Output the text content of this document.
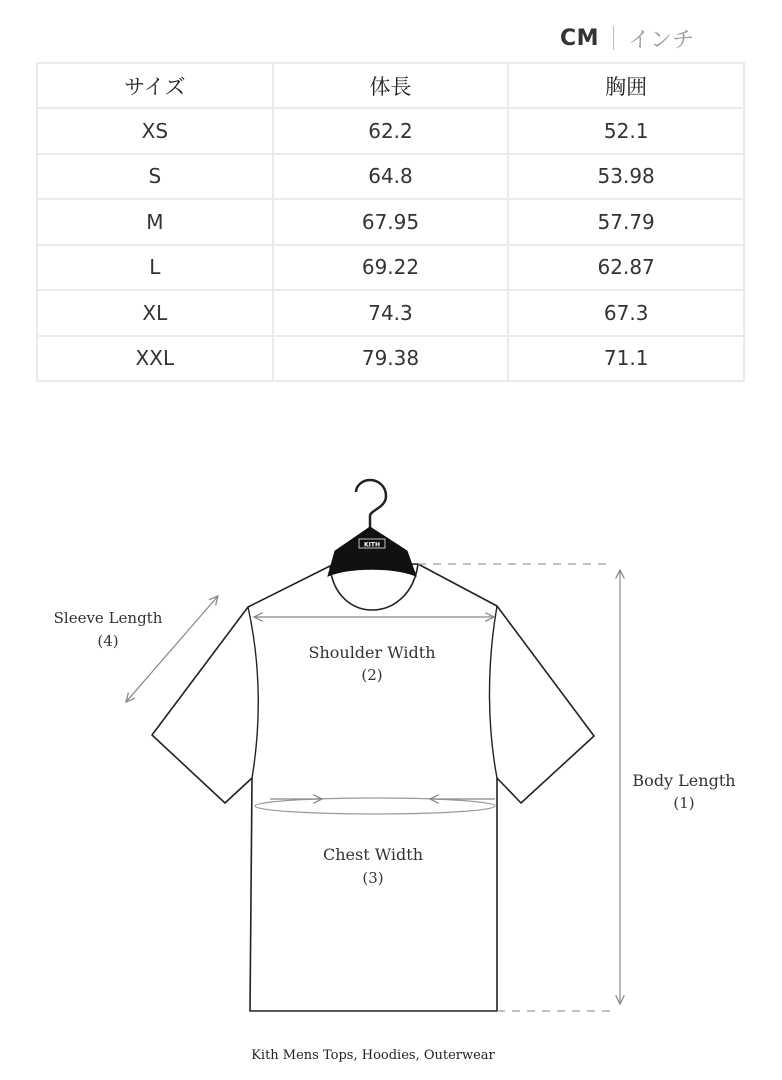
CM インチ
サイズ	体長	胸囲
XS	62.2	52.1
S	64.8	53.98
M	67.95	57.79
L	69.22	62.87
XL	74.3	67.3
XXL	79.38	71.1
KITH
Shoulder Width
(2)
Chest Width
(3)
Sleeve Length
(4)
Body Length
(1)
Kith Mens Tops, Hoodies, Outerwear
